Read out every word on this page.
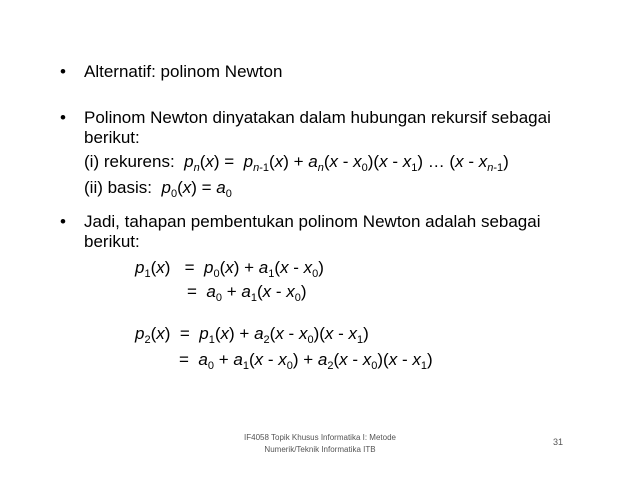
• Alternatif: polinom Newton
• Polinom Newton dinyatakan dalam hubungan rekursif sebagai
berikut:
(i) rekurens: $p_n(x) = p_{n-1}(x) + a_n(x - x_0)(x - x_1)$ … $(x - x_{n-1})$
(ii) basis: $p_0(x) = a_0$
• Jadi, tahapan pembentukan polinom Newton adalah sebagai
berikut:
$p_1(x) = p_0(x) + a_1(x - x_0)$
=  $a_0 + a_1(x - x_0)$
$p_2(x) = p_1(x) + a_2(x - x_0)(x - x_1)$
=  $a_0 + a_1(x - x_0) + a_2(x - x_0)(x - x_1)$
IF4058 Topik Khusus Informatika I: Metode
Numerik/Teknik Informatika ITB
31
